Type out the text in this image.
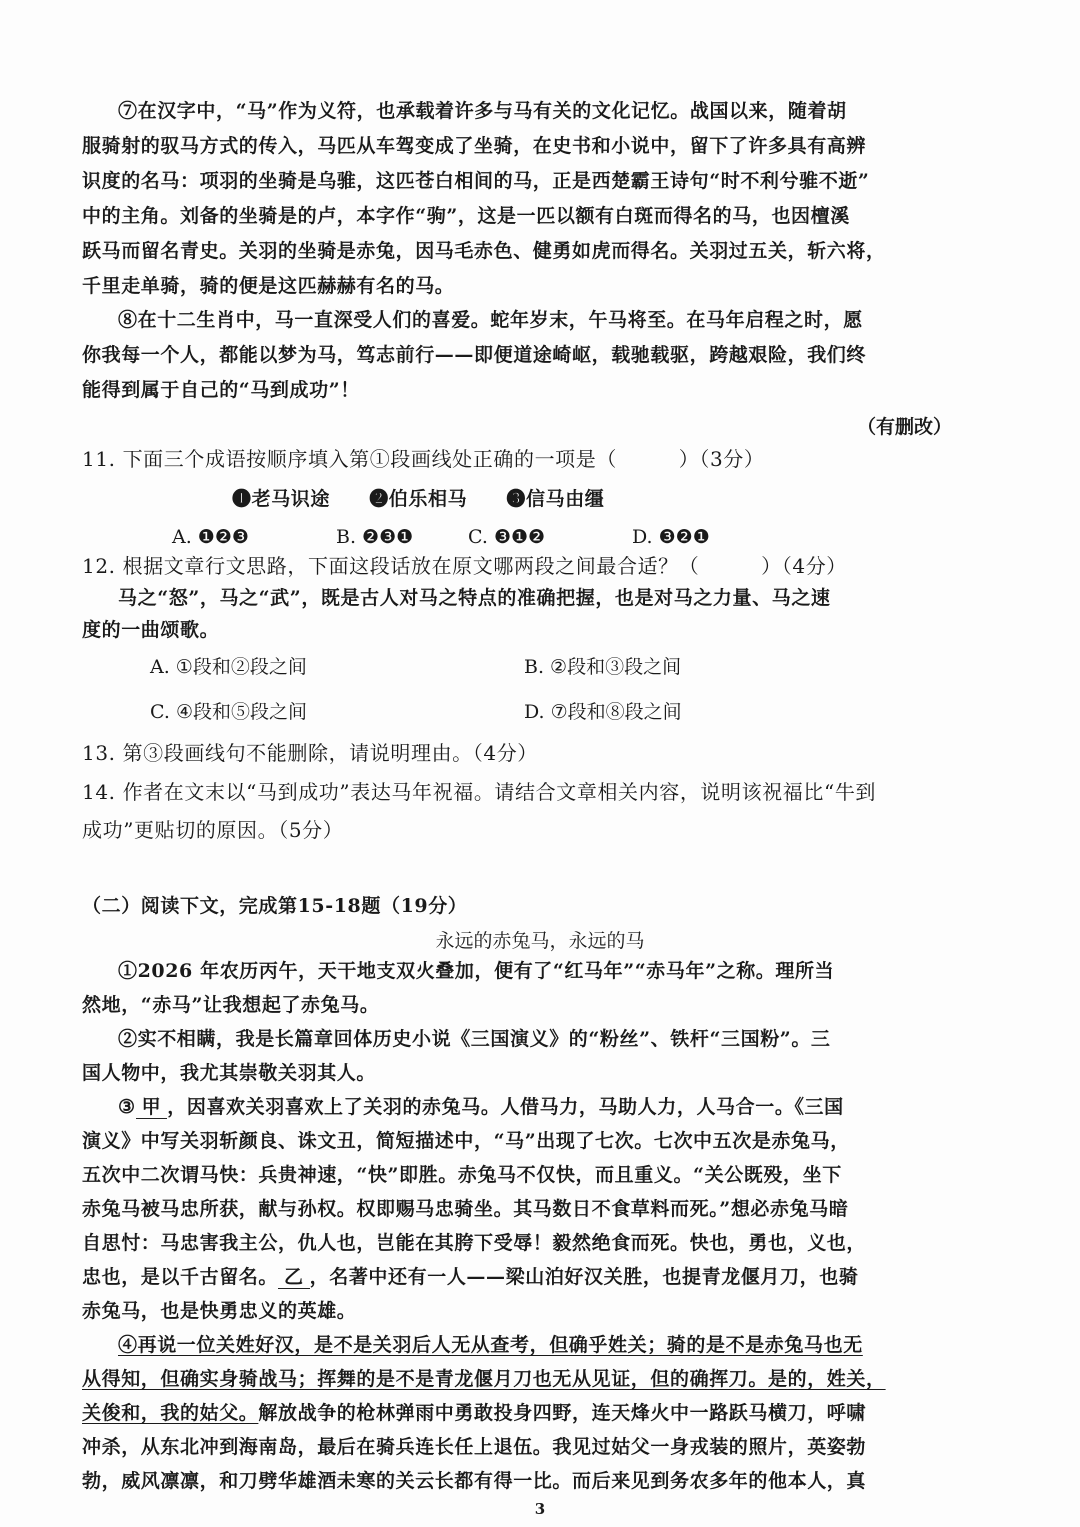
⑦在汉字中，“马”作为义符，也承载着许多与马有关的文化记忆。战国以来，随着胡
服骑射的驭马方式的传入，马匹从车驾变成了坐骑，在史书和小说中，留下了许多具有高辨
识度的名马：项羽的坐骑是乌骓，这匹苍白相间的马，正是西楚霸王诗句“时不利兮骓不逝”
中的主角。刘备的坐骑是的卢，本字作“驹”，这是一匹以额有白斑而得名的马，也因檀溪
跃马而留名青史。关羽的坐骑是赤兔，因马毛赤色、健勇如虎而得名。关羽过五关，斩六将，
千里走单骑，骑的便是这匹赫赫有名的马。
⑧在十二生肖中，马一直深受人们的喜爱。蛇年岁末，午马将至。在马年启程之时，愿
你我每一个人，都能以梦为马，笃志前行——即便道途崎岖，载驰载驱，跨越艰险，我们终
能得到属于自己的“马到成功”！
（有删改）
11. 下面三个成语按顺序填入第①段画线处正确的一项是（　　　）（3分）
❶老马识途　　❷伯乐相马　　❸信马由缰
A. ❶❷❸	B. ❷❸❶	C. ❸❶❷	D. ❸❷❶
12. 根据文章行文思路，下面这段话放在原文哪两段之间最合适？（　　　）（4分）
马之“怒”，马之“武”，既是古人对马之特点的准确把握，也是对马之力量、马之速
度的一曲颂歌。
A. ①段和②段之间	B. ②段和③段之间
C. ④段和⑤段之间	D. ⑦段和⑧段之间
13. 第③段画线句不能删除，请说明理由。（4分）
14. 作者在文末以“马到成功”表达马年祝福。请结合文章相关内容，说明该祝福比“牛到
成功”更贴切的原因。（5分）
（二）阅读下文，完成第15-18题（19分）
永远的赤兔马，永远的马
①2026 年农历丙午，天干地支双火叠加，便有了“红马年”“赤马年”之称。理所当
然地，“赤马”让我想起了赤兔马。
②实不相瞒，我是长篇章回体历史小说《三国演义》的“粉丝”、铁杆“三国粉”。三
国人物中，我尤其崇敬关羽其人。
③ 甲 ，因喜欢关羽喜欢上了关羽的赤兔马。人借马力，马助人力，人马合一。《三国
演义》中写关羽斩颜良、诛文丑，简短描述中，“马”出现了七次。七次中五次是赤兔马，
五次中二次谓马快：兵贵神速，“快”即胜。赤兔马不仅快，而且重义。“关公既殁，坐下
赤兔马被马忠所获，献与孙权。权即赐马忠骑坐。其马数日不食草料而死。”想必赤兔马暗
自思忖：马忠害我主公，仇人也，岂能在其胯下受辱！毅然绝食而死。快也，勇也，义也，
忠也，是以千古留名。 乙 ，名著中还有一人——梁山泊好汉关胜，也提青龙偃月刀，也骑
赤兔马，也是快勇忠义的英雄。
④再说一位关姓好汉，是不是关羽后人无从查考，但确乎姓关；骑的是不是赤兔马也无
从得知，但确实身骑战马；挥舞的是不是青龙偃月刀也无从见证，但的确挥刀。是的，姓关，
关俊和，我的姑父。解放战争的枪林弹雨中勇敢投身四野，连天烽火中一路跃马横刀，呼啸
冲杀，从东北冲到海南岛，最后在骑兵连长任上退伍。我见过姑父一身戎装的照片，英姿勃
勃，威风凛凛，和刀劈华雄酒未寒的关云长都有得一比。而后来见到务农多年的他本人，真
3
